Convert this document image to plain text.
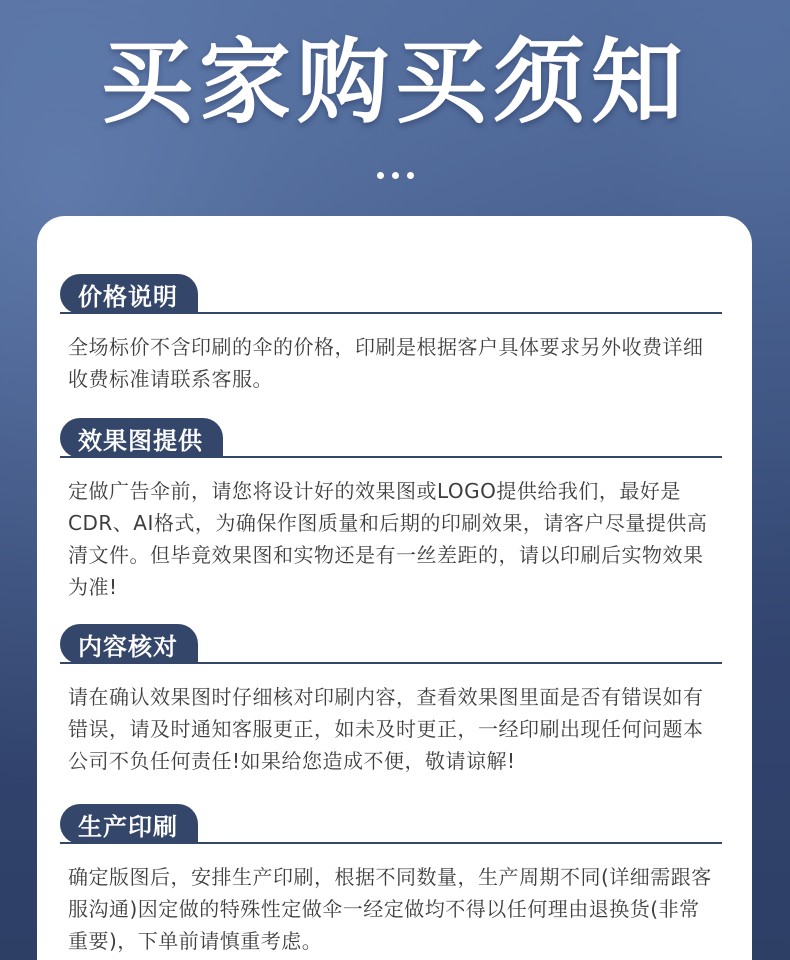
买家购买须知
价格说明
全场标价不含印刷的伞的价格，印刷是根据客户具体要求另外收费详细收费标准请联系客服。
效果图提供
定做广告伞前，请您将设计好的效果图或LOGO提供给我们，最好是CDR、AI格式，为确保作图质量和后期的印刷效果，请客户尽量提供高清文件。但毕竟效果图和实物还是有一丝差距的，请以印刷后实物效果为准!
内容核对
请在确认效果图时仔细核对印刷内容，查看效果图里面是否有错误如有错误，请及时通知客服更正，如未及时更正，一经印刷出现任何问题本公司不负任何责任!如果给您造成不便，敬请谅解!
生产印刷
确定版图后，安排生产印刷，根据不同数量，生产周期不同(详细需跟客服沟通)因定做的特殊性定做伞一经定做均不得以任何理由退换货(非常重要)，下单前请慎重考虑。
